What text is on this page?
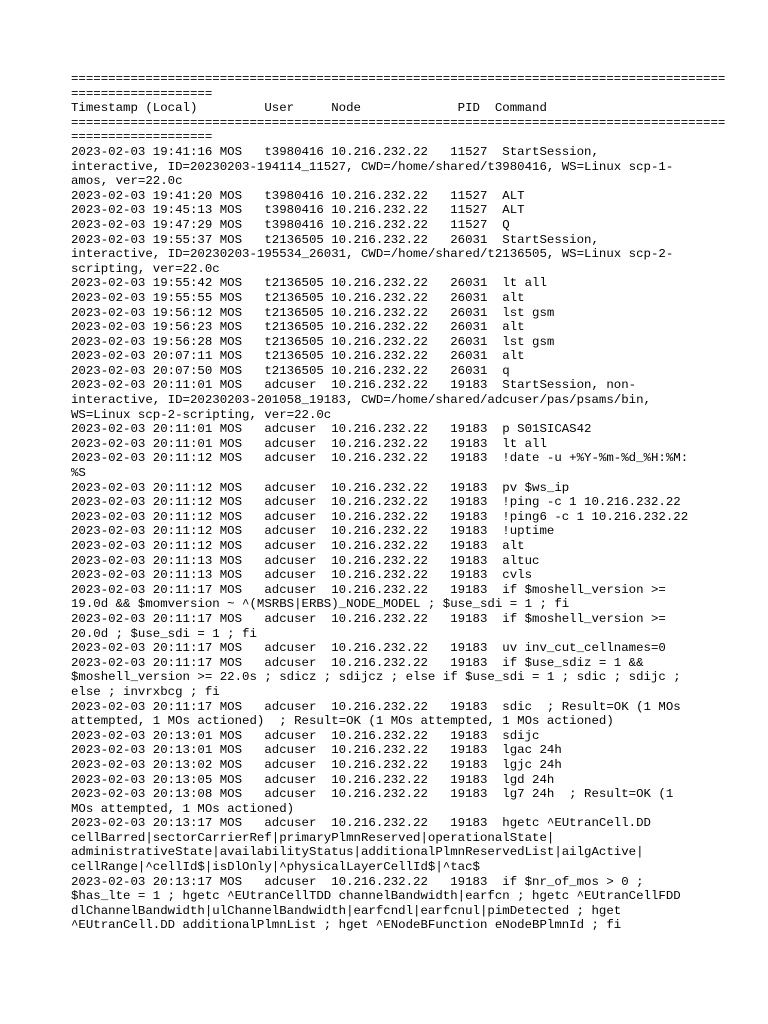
========================================================================================
===================
Timestamp (Local)         User     Node             PID  Command
========================================================================================
===================
2023-02-03 19:41:16 MOS   t3980416 10.216.232.22   11527  StartSession,
interactive, ID=20230203-194114_11527, CWD=/home/shared/t3980416, WS=Linux scp-1-
amos, ver=22.0c
2023-02-03 19:41:20 MOS   t3980416 10.216.232.22   11527  ALT
2023-02-03 19:45:13 MOS   t3980416 10.216.232.22   11527  ALT
2023-02-03 19:47:29 MOS   t3980416 10.216.232.22   11527  Q
2023-02-03 19:55:37 MOS   t2136505 10.216.232.22   26031  StartSession,
interactive, ID=20230203-195534_26031, CWD=/home/shared/t2136505, WS=Linux scp-2-
scripting, ver=22.0c
2023-02-03 19:55:42 MOS   t2136505 10.216.232.22   26031  lt all
2023-02-03 19:55:55 MOS   t2136505 10.216.232.22   26031  alt
2023-02-03 19:56:12 MOS   t2136505 10.216.232.22   26031  lst gsm
2023-02-03 19:56:23 MOS   t2136505 10.216.232.22   26031  alt
2023-02-03 19:56:28 MOS   t2136505 10.216.232.22   26031  lst gsm
2023-02-03 20:07:11 MOS   t2136505 10.216.232.22   26031  alt
2023-02-03 20:07:50 MOS   t2136505 10.216.232.22   26031  q
2023-02-03 20:11:01 MOS   adcuser  10.216.232.22   19183  StartSession, non-
interactive, ID=20230203-201058_19183, CWD=/home/shared/adcuser/pas/psams/bin,
WS=Linux scp-2-scripting, ver=22.0c
2023-02-03 20:11:01 MOS   adcuser  10.216.232.22   19183  p S01SICAS42
2023-02-03 20:11:01 MOS   adcuser  10.216.232.22   19183  lt all
2023-02-03 20:11:12 MOS   adcuser  10.216.232.22   19183  !date -u +%Y-%m-%d_%H:%M:
%S
2023-02-03 20:11:12 MOS   adcuser  10.216.232.22   19183  pv $ws_ip
2023-02-03 20:11:12 MOS   adcuser  10.216.232.22   19183  !ping -c 1 10.216.232.22
2023-02-03 20:11:12 MOS   adcuser  10.216.232.22   19183  !ping6 -c 1 10.216.232.22
2023-02-03 20:11:12 MOS   adcuser  10.216.232.22   19183  !uptime
2023-02-03 20:11:12 MOS   adcuser  10.216.232.22   19183  alt
2023-02-03 20:11:13 MOS   adcuser  10.216.232.22   19183  altuc
2023-02-03 20:11:13 MOS   adcuser  10.216.232.22   19183  cvls
2023-02-03 20:11:17 MOS   adcuser  10.216.232.22   19183  if $moshell_version >=
19.0d && $momversion ~ ^(MSRBS|ERBS)_NODE_MODEL ; $use_sdi = 1 ; fi
2023-02-03 20:11:17 MOS   adcuser  10.216.232.22   19183  if $moshell_version >=
20.0d ; $use_sdi = 1 ; fi
2023-02-03 20:11:17 MOS   adcuser  10.216.232.22   19183  uv inv_cut_cellnames=0
2023-02-03 20:11:17 MOS   adcuser  10.216.232.22   19183  if $use_sdiz = 1 &&
$moshell_version >= 22.0s ; sdicz ; sdijcz ; else if $use_sdi = 1 ; sdic ; sdijc ;
else ; invrxbcg ; fi
2023-02-03 20:11:17 MOS   adcuser  10.216.232.22   19183  sdic  ; Result=OK (1 MOs
attempted, 1 MOs actioned)  ; Result=OK (1 MOs attempted, 1 MOs actioned)
2023-02-03 20:13:01 MOS   adcuser  10.216.232.22   19183  sdijc
2023-02-03 20:13:01 MOS   adcuser  10.216.232.22   19183  lgac 24h
2023-02-03 20:13:02 MOS   adcuser  10.216.232.22   19183  lgjc 24h
2023-02-03 20:13:05 MOS   adcuser  10.216.232.22   19183  lgd 24h
2023-02-03 20:13:08 MOS   adcuser  10.216.232.22   19183  lg7 24h  ; Result=OK (1
MOs attempted, 1 MOs actioned)
2023-02-03 20:13:17 MOS   adcuser  10.216.232.22   19183  hgetc ^EUtranCell.DD
cellBarred|sectorCarrierRef|primaryPlmnReserved|operationalState|
administrativeState|availabilityStatus|additionalPlmnReservedList|ailgActive|
cellRange|^cellId$|isDlOnly|^physicalLayerCellId$|^tac$
2023-02-03 20:13:17 MOS   adcuser  10.216.232.22   19183  if $nr_of_mos > 0 ;
$has_lte = 1 ; hgetc ^EUtranCellTDD channelBandwidth|earfcn ; hgetc ^EUtranCellFDD
dlChannelBandwidth|ulChannelBandwidth|earfcndl|earfcnul|pimDetected ; hget
^EUtranCell.DD additionalPlmnList ; hget ^ENodeBFunction eNodeBPlmnId ; fi
